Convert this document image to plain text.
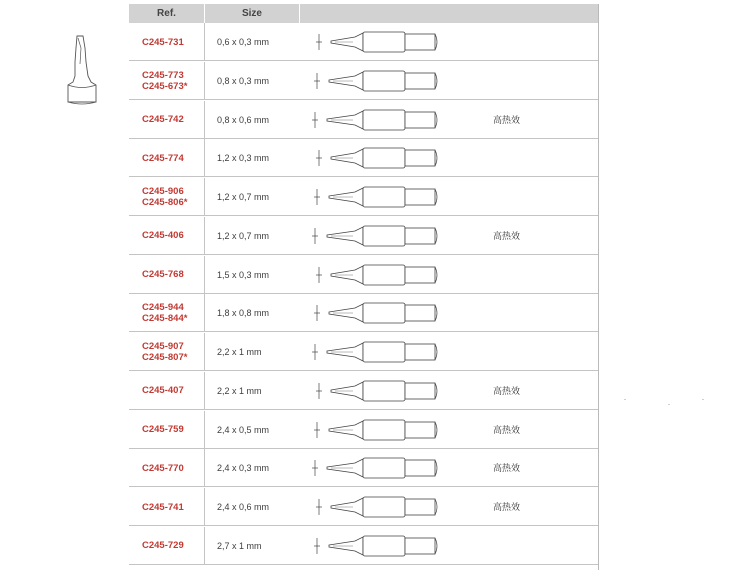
Ref.	Size
C245-731	0,6 x 0,3 mm
C245-773
C245-673*	0,8 x 0,3 mm
C245-742	0,8 x 0,6 mm	高热效
C245-774	1,2 x 0,3 mm
C245-906
C245-806*	1,2 x 0,7 mm
C245-406	1,2 x 0,7 mm	高热效
C245-768	1,5 x 0,3 mm
C245-944
C245-844*	1,8 x 0,8 mm
C245-907
C245-807*	2,2 x 1 mm
C245-407	2,2 x 1 mm	高热效
C245-759	2,4 x 0,5 mm	高热效
C245-770	2,4 x 0,3 mm	高热效
C245-741	2,4 x 0,6 mm	高热效
C245-729	2,7 x 1 mm
